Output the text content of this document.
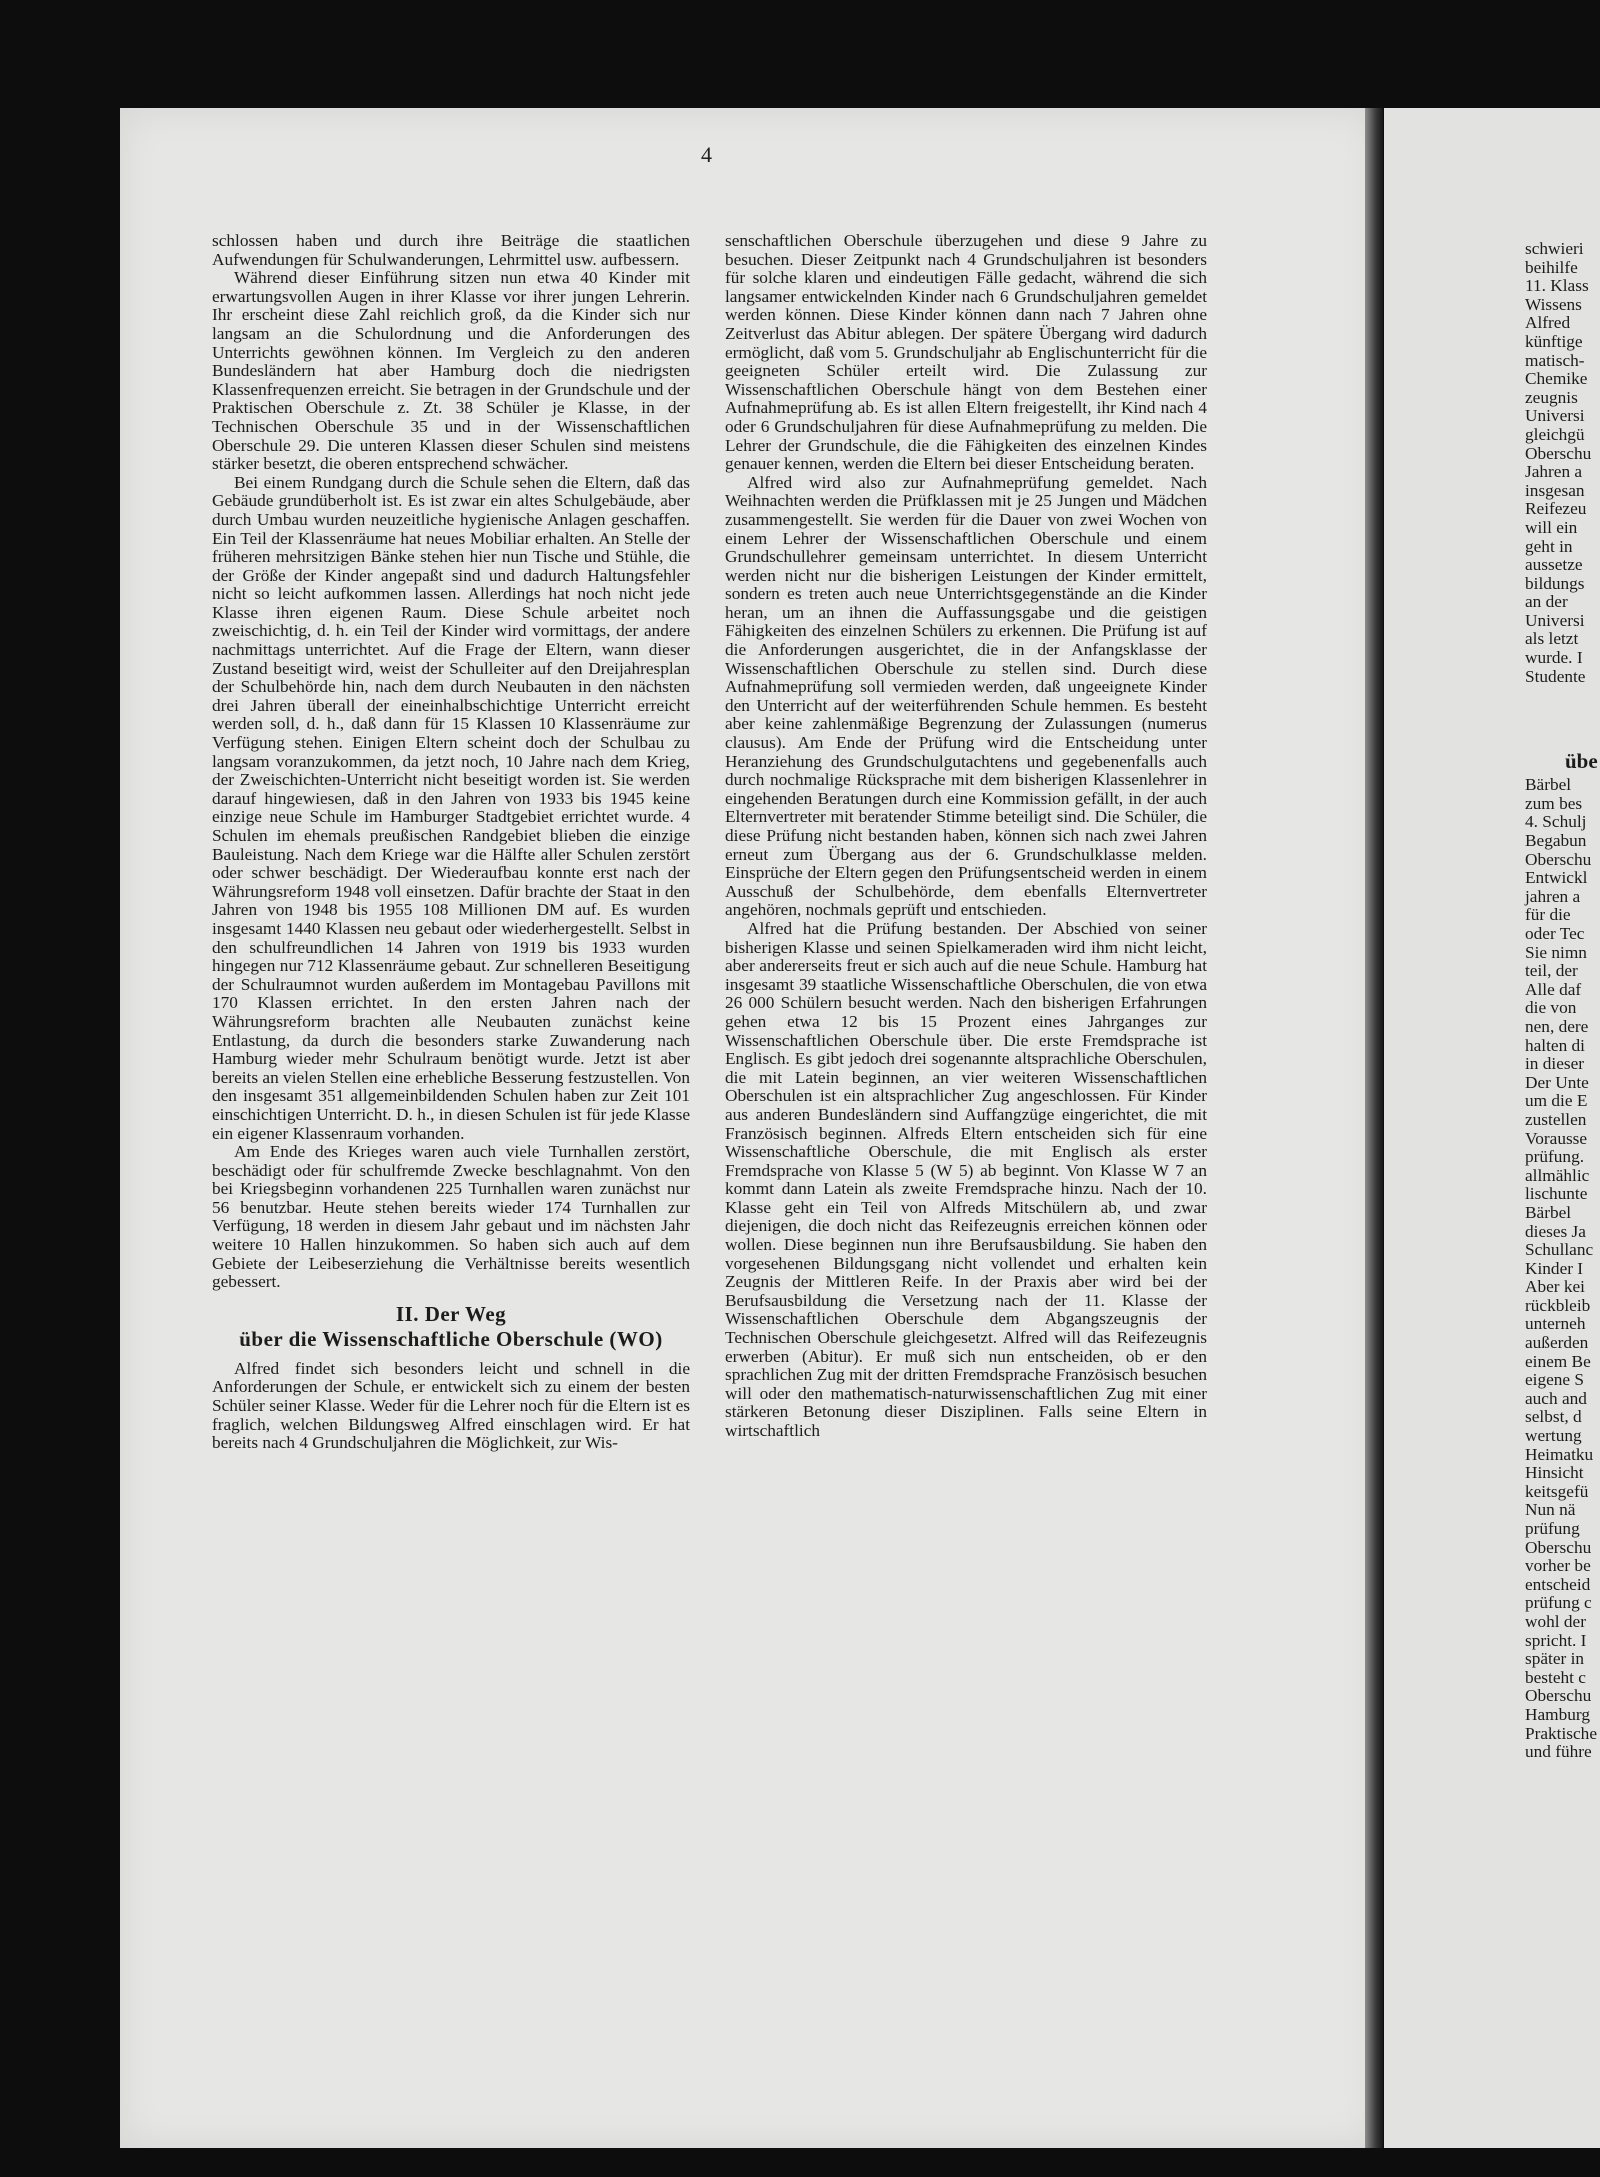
4

schlossen haben und durch ihre Beiträge die staatlichen Aufwendungen für Schulwanderungen, Lehrmittel usw. aufbessern.

Während dieser Einführung sitzen nun etwa 40 Kinder mit erwartungsvollen Augen in ihrer Klasse vor ihrer jungen Lehrerin. Ihr erscheint diese Zahl reichlich groß, da die Kinder sich nur langsam an die Schulordnung und die Anforderungen des Unterrichts gewöhnen können. Im Vergleich zu den anderen Bundesländern hat aber Hamburg doch die niedrigsten Klassenfrequenzen erreicht. Sie betragen in der Grundschule und der Praktischen Oberschule z. Zt. 38 Schüler je Klasse, in der Technischen Oberschule 35 und in der Wissenschaftlichen Oberschule 29. Die unteren Klassen dieser Schulen sind meistens stärker besetzt, die oberen entsprechend schwächer.

Bei einem Rundgang durch die Schule sehen die Eltern, daß das Gebäude grundüberholt ist. Es ist zwar ein altes Schulgebäude, aber durch Umbau wurden neuzeitliche hygienische Anlagen geschaffen. Ein Teil der Klassenräume hat neues Mobiliar erhalten. An Stelle der früheren mehrsitzigen Bänke stehen hier nun Tische und Stühle, die der Größe der Kinder angepaßt sind und dadurch Haltungsfehler nicht so leicht aufkommen lassen. Allerdings hat noch nicht jede Klasse ihren eigenen Raum. Diese Schule arbeitet noch zweischichtig, d. h. ein Teil der Kinder wird vormittags, der andere nachmittags unterrichtet. Auf die Frage der Eltern, wann dieser Zustand beseitigt wird, weist der Schulleiter auf den Dreijahresplan der Schulbehörde hin, nach dem durch Neubauten in den nächsten drei Jahren überall der eineinhalbschichtige Unterricht erreicht werden soll, d. h., daß dann für 15 Klassen 10 Klassenräume zur Verfügung stehen. Einigen Eltern scheint doch der Schulbau zu langsam voranzukommen, da jetzt noch, 10 Jahre nach dem Krieg, der Zweischichten-Unterricht nicht beseitigt worden ist. Sie werden darauf hingewiesen, daß in den Jahren von 1933 bis 1945 keine einzige neue Schule im Hamburger Stadtgebiet errichtet wurde. 4 Schulen im ehemals preußischen Randgebiet blieben die einzige Bauleistung. Nach dem Kriege war die Hälfte aller Schulen zerstört oder schwer beschädigt. Der Wiederaufbau konnte erst nach der Währungsreform 1948 voll einsetzen. Dafür brachte der Staat in den Jahren von 1948 bis 1955 108 Millionen DM auf. Es wurden insgesamt 1440 Klassen neu gebaut oder wiederhergestellt. Selbst in den schulfreundlichen 14 Jahren von 1919 bis 1933 wurden hingegen nur 712 Klassenräume gebaut. Zur schnelleren Beseitigung der Schulraumnot wurden außerdem im Montagebau Pavillons mit 170 Klassen errichtet. In den ersten Jahren nach der Währungsreform brachten alle Neubauten zunächst keine Entlastung, da durch die besonders starke Zuwanderung nach Hamburg wieder mehr Schulraum benötigt wurde. Jetzt ist aber bereits an vielen Stellen eine erhebliche Besserung festzustellen. Von den insgesamt 351 allgemeinbildenden Schulen haben zur Zeit 101 einschichtigen Unterricht. D. h., in diesen Schulen ist für jede Klasse ein eigener Klassenraum vorhanden.

Am Ende des Krieges waren auch viele Turnhallen zerstört, beschädigt oder für schulfremde Zwecke beschlagnahmt. Von den bei Kriegsbeginn vorhandenen 225 Turnhallen waren zunächst nur 56 benutzbar. Heute stehen bereits wieder 174 Turnhallen zur Verfügung, 18 werden in diesem Jahr gebaut und im nächsten Jahr weitere 10 Hallen hinzukommen. So haben sich auch auf dem Gebiete der Leibeserziehung die Verhältnisse bereits wesentlich gebessert.

II. Der Weg
über die Wissenschaftliche Oberschule (WO)

Alfred findet sich besonders leicht und schnell in die Anforderungen der Schule, er entwickelt sich zu einem der besten Schüler seiner Klasse. Weder für die Lehrer noch für die Eltern ist es fraglich, welchen Bildungsweg Alfred einschlagen wird. Er hat bereits nach 4 Grundschuljahren die Möglichkeit, zur Wis-

senschaftlichen Oberschule überzugehen und diese 9 Jahre zu besuchen. Dieser Zeitpunkt nach 4 Grundschuljahren ist besonders für solche klaren und eindeutigen Fälle gedacht, während die sich langsamer entwickelnden Kinder nach 6 Grundschuljahren gemeldet werden können. Diese Kinder können dann nach 7 Jahren ohne Zeitverlust das Abitur ablegen. Der spätere Übergang wird dadurch ermöglicht, daß vom 5. Grundschuljahr ab Englischunterricht für die geeigneten Schüler erteilt wird. Die Zulassung zur Wissenschaftlichen Oberschule hängt von dem Bestehen einer Aufnahmeprüfung ab. Es ist allen Eltern freigestellt, ihr Kind nach 4 oder 6 Grundschuljahren für diese Aufnahmeprüfung zu melden. Die Lehrer der Grundschule, die die Fähigkeiten des einzelnen Kindes genauer kennen, werden die Eltern bei dieser Entscheidung beraten.

Alfred wird also zur Aufnahmeprüfung gemeldet. Nach Weihnachten werden die Prüfklassen mit je 25 Jungen und Mädchen zusammengestellt. Sie werden für die Dauer von zwei Wochen von einem Lehrer der Wissenschaftlichen Oberschule und einem Grundschullehrer gemeinsam unterrichtet. In diesem Unterricht werden nicht nur die bisherigen Leistungen der Kinder ermittelt, sondern es treten auch neue Unterrichtsgegenstände an die Kinder heran, um an ihnen die Auffassungsgabe und die geistigen Fähigkeiten des einzelnen Schülers zu erkennen. Die Prüfung ist auf die Anforderungen ausgerichtet, die in der Anfangsklasse der Wissenschaftlichen Oberschule zu stellen sind. Durch diese Aufnahmeprüfung soll vermieden werden, daß ungeeignete Kinder den Unterricht auf der weiterführenden Schule hemmen. Es besteht aber keine zahlenmäßige Begrenzung der Zulassungen (numerus clausus). Am Ende der Prüfung wird die Entscheidung unter Heranziehung des Grundschulgutachtens und gegebenenfalls auch durch nochmalige Rücksprache mit dem bisherigen Klassenlehrer in eingehenden Beratungen durch eine Kommission gefällt, in der auch Elternvertreter mit beratender Stimme beteiligt sind. Die Schüler, die diese Prüfung nicht bestanden haben, können sich nach zwei Jahren erneut zum Übergang aus der 6. Grundschulklasse melden. Einsprüche der Eltern gegen den Prüfungsentscheid werden in einem Ausschuß der Schulbehörde, dem ebenfalls Elternvertreter angehören, nochmals geprüft und entschieden.

Alfred hat die Prüfung bestanden. Der Abschied von seiner bisherigen Klasse und seinen Spielkameraden wird ihm nicht leicht, aber andererseits freut er sich auch auf die neue Schule. Hamburg hat insgesamt 39 staatliche Wissenschaftliche Oberschulen, die von etwa 26 000 Schülern besucht werden. Nach den bisherigen Erfahrungen gehen etwa 12 bis 15 Prozent eines Jahrganges zur Wissenschaftlichen Oberschule über. Die erste Fremdsprache ist Englisch. Es gibt jedoch drei sogenannte altsprachliche Oberschulen, die mit Latein beginnen, an vier weiteren Wissenschaftlichen Oberschulen ist ein altsprachlicher Zug angeschlossen. Für Kinder aus anderen Bundesländern sind Auffangzüge eingerichtet, die mit Französisch beginnen. Alfreds Eltern entscheiden sich für eine Wissenschaftliche Oberschule, die mit Englisch als erster Fremdsprache von Klasse 5 (W 5) ab beginnt. Von Klasse W 7 an kommt dann Latein als zweite Fremdsprache hinzu. Nach der 10. Klasse geht ein Teil von Alfreds Mitschülern ab, und zwar diejenigen, die doch nicht das Reifezeugnis erreichen können oder wollen. Diese beginnen nun ihre Berufsausbildung. Sie haben den vorgesehenen Bildungsgang nicht vollendet und erhalten kein Zeugnis der Mittleren Reife. In der Praxis aber wird bei der Berufsausbildung die Versetzung nach der 11. Klasse der Wissenschaftlichen Oberschule dem Abgangszeugnis der Technischen Oberschule gleichgesetzt. Alfred will das Reifezeugnis erwerben (Abitur). Er muß sich nun entscheiden, ob er den sprachlichen Zug mit der dritten Fremdsprache Französisch besuchen will oder den mathematisch-naturwissenschaftlichen Zug mit einer stärkeren Betonung dieser Disziplinen. Falls seine Eltern in wirtschaftlich

schwieri
beihilfe
11. Klass
Wissens
Alfred
künftige
matisch-
Chemike
zeugnis
Universi
gleichgü
Oberschu
Jahren a
insgesan
Reifezeu
will ein
geht in
aussetze
bildungs
an der
Universi
als letzt
wurde. I
Studente
übe
Bärbel
zum bes
4. Schulj
Begabun
Oberschu
Entwickl
jahren a
für die
oder Tec
Sie nimn
teil, der
Alle daf
die von
nen, dere
halten di
in dieser
Der Unte
um die E
zustellen
Vorausse
prüfung.
allmählic
lischunte
Bärbel
dieses Ja
Schullanc
Kinder I
Aber kei
rückbleib
unterneh
außerden
einem Be
eigene S
auch and
selbst, d
wertung
Heimatku
Hinsicht
keitsgefü
Nun nä
prüfung
Oberschu
vorher be
entscheid
prüfung c
wohl der
spricht. I
später in
besteht c
Oberschu
Hamburg
Praktische
und führe
